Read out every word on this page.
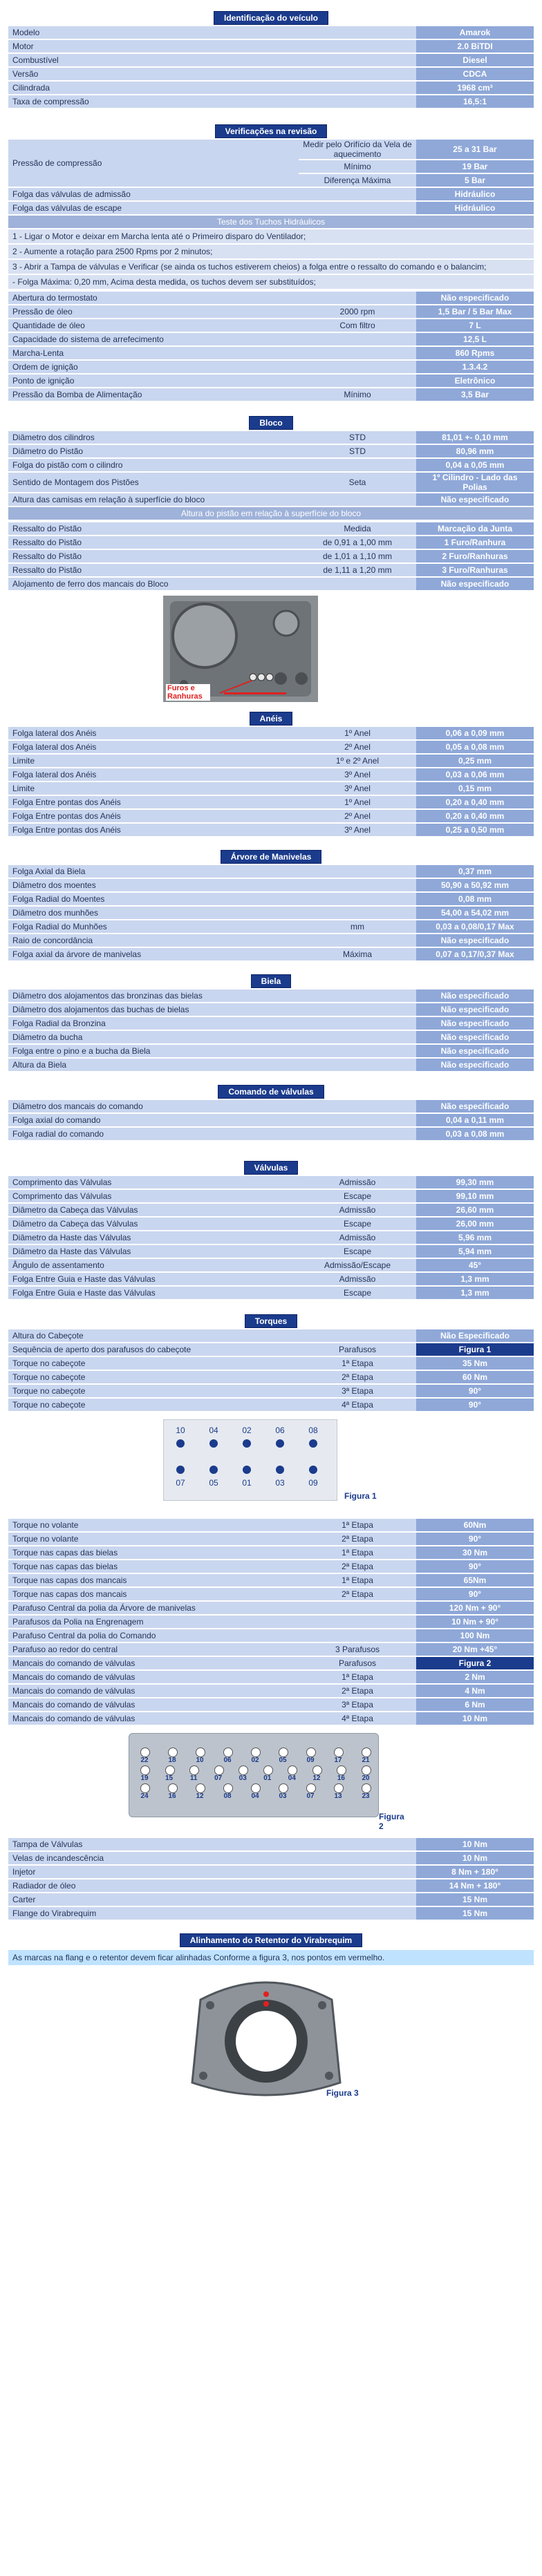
Identificação do veículo
Modelo	Amarok
Motor	2.0 BiTDI
Combustível	Diesel
Versão	CDCA
Cilindrada	1968 cm³
Taxa de compressão	16,5:1
Verificações na revisão
Pressão de compressão	Medir pelo Orifício da Vela de aquecimento	25 a 31 Bar
	Mínimo	19 Bar
	Diferença Máxima	5 Bar
Folga das válvulas de admissão		Hidráulico
Folga das válvulas de escape		Hidráulico
Teste dos Tuchos Hidráulicos
1 - Ligar o Motor e deixar em Marcha lenta até o Primeiro disparo do Ventilador;
2 - Aumente a rotação para 2500 Rpms por 2 minutos;
3 - Abrir a Tampa de válvulas e Verificar (se ainda os tuchos estiverem cheios) a folga entre o ressalto do comando e o balancim;
- Folga Máxima: 0,20 mm, Acima desta medida, os tuchos devem ser substituídos;
Abertura do termostato		Não especificado
Pressão de óleo	2000 rpm	1,5 Bar / 5 Bar Max
Quantidade de óleo	Com filtro	7 L
Capacidade do sistema de arrefecimento		12,5 L
Marcha-Lenta		860 Rpms
Ordem de ignição		1.3.4.2
Ponto de ignição		Eletrônico
Pressão da Bomba de Alimentação	Mínimo	3,5 Bar
Bloco
Diâmetro dos cilindros	STD	81,01 +- 0,10 mm
Diâmetro do Pistão	STD	80,96 mm
Folga do pistão com o cilindro		0,04 a 0,05 mm
Sentido de Montagem dos Pistões	Seta	1º Cilindro - Lado das Polias
Altura das camisas em relação à superfície do bloco		Não especificado
Altura do pistão em relação à superfície do bloco
Ressalto do Pistão	Medida	Marcação da Junta
Ressalto do Pistão	de 0,91 a 1,00 mm	1 Furo/Ranhura
Ressalto do Pistão	de 1,01 a 1,10 mm	2 Furo/Ranhuras
Ressalto do Pistão	de 1,11 a 1,20 mm	3 Furo/Ranhuras
Alojamento de ferro dos mancais do Bloco		Não especificado
Furos e Ranhuras
Anéis
Folga lateral dos Anéis	1º Anel	0,06 a 0,09 mm
Folga lateral dos Anéis	2º Anel	0,05 a 0,08 mm
Limite	1º e 2º Anel	0,25 mm
Folga lateral dos Anéis	3º Anel	0,03 a 0,06 mm
Limite	3º Anel	0,15 mm
Folga Entre pontas dos Anéis	1º Anel	0,20 a 0,40 mm
Folga Entre pontas dos Anéis	2º Anel	0,20 a 0,40 mm
Folga Entre pontas dos Anéis	3º Anel	0,25 a 0,50 mm
Árvore de Manivelas
Folga Axial da Biela		0,37 mm
Diâmetro dos moentes		50,90 a 50,92 mm
Folga Radial do Moentes		0,08 mm
Diâmetro dos munhões		54,00 a 54,02 mm
Folga Radial do Munhões	mm	0,03 a 0,08/0,17 Max
Raio de concordância		Não especificado
Folga axial da árvore de manivelas	Máxima	0,07 a 0,17/0,37 Max
Biela
Diâmetro dos alojamentos das bronzinas das bielas	Não especificado
Diâmetro dos alojamentos das buchas de bielas	Não especificado
Folga Radial da Bronzina	Não especificado
Diâmetro da bucha	Não especificado
Folga entre o pino e a bucha da Biela	Não especificado
Altura da Biela	Não especificado
Comando de válvulas
Diâmetro dos mancais do comando	Não especificado
Folga axial do comando	0,04 a 0,11 mm
Folga radial do comando	0,03 a 0,08 mm
Válvulas
Comprimento das Válvulas	Admissão	99,30 mm
Comprimento das Válvulas	Escape	99,10 mm
Diâmetro da Cabeça das Válvulas	Admissão	26,60 mm
Diâmetro da Cabeça das Válvulas	Escape	26,00 mm
Diâmetro da Haste das Válvulas	Admissão	5,96 mm
Diâmetro da Haste das Válvulas	Escape	5,94 mm
Ângulo de assentamento	Admissão/Escape	45°
Folga Entre Guia e Haste das Válvulas	Admissão	1,3 mm
Folga Entre Guia e Haste das Válvulas	Escape	1,3 mm
Torques
Altura do Cabeçote		Não Especificado
Sequência de aperto dos parafusos do cabeçote	Parafusos	Figura 1
Torque no cabeçote	1ª Etapa	35 Nm
Torque no cabeçote	2ª Etapa	60 Nm
Torque no cabeçote	3ª Etapa	90°
Torque no cabeçote	4ª Etapa	90°
10	04	02	06	08
07	05	01	03	09
Figura 1
Torque no volante	1ª Etapa	60Nm
Torque no volante	2ª Etapa	90°
Torque nas capas das bielas	1ª Etapa	30 Nm
Torque nas capas das bielas	2ª Etapa	90°
Torque nas capas dos mancais	1ª Etapa	65Nm
Torque nas capas dos mancais	2ª Etapa	90°
Parafuso Central da polia da Árvore de manivelas		120 Nm + 90°
Parafusos da Polia na Engrenagem		10 Nm + 90°
Parafuso Central da polia do Comando		100 Nm
Parafuso ao redor do central	3 Parafusos	20 Nm +45°
Mancais do comando de válvulas	Parafusos	Figura 2
Mancais do comando de válvulas	1ª Etapa	2 Nm
Mancais do comando de válvulas	2ª Etapa	4 Nm
Mancais do comando de válvulas	3ª Etapa	6 Nm
Mancais do comando de válvulas	4ª Etapa	10 Nm
22	18	10	06	02	05	09	17	21
19	15	11	07	03	01	04	12	16	20
24	16	12	08	04	03	07	13	23
Figura 2
Tampa de Válvulas	10 Nm
Velas de incandescência	10 Nm
Injetor	8 Nm + 180°
Radiador de óleo	14 Nm + 180°
Carter	15 Nm
Flange do Virabrequim	15 Nm
Alinhamento do Retentor do Virabrequim
As marcas na flang e o retentor devem ficar alinhadas Conforme a figura 3, nos pontos em vermelho.
Figura 3
